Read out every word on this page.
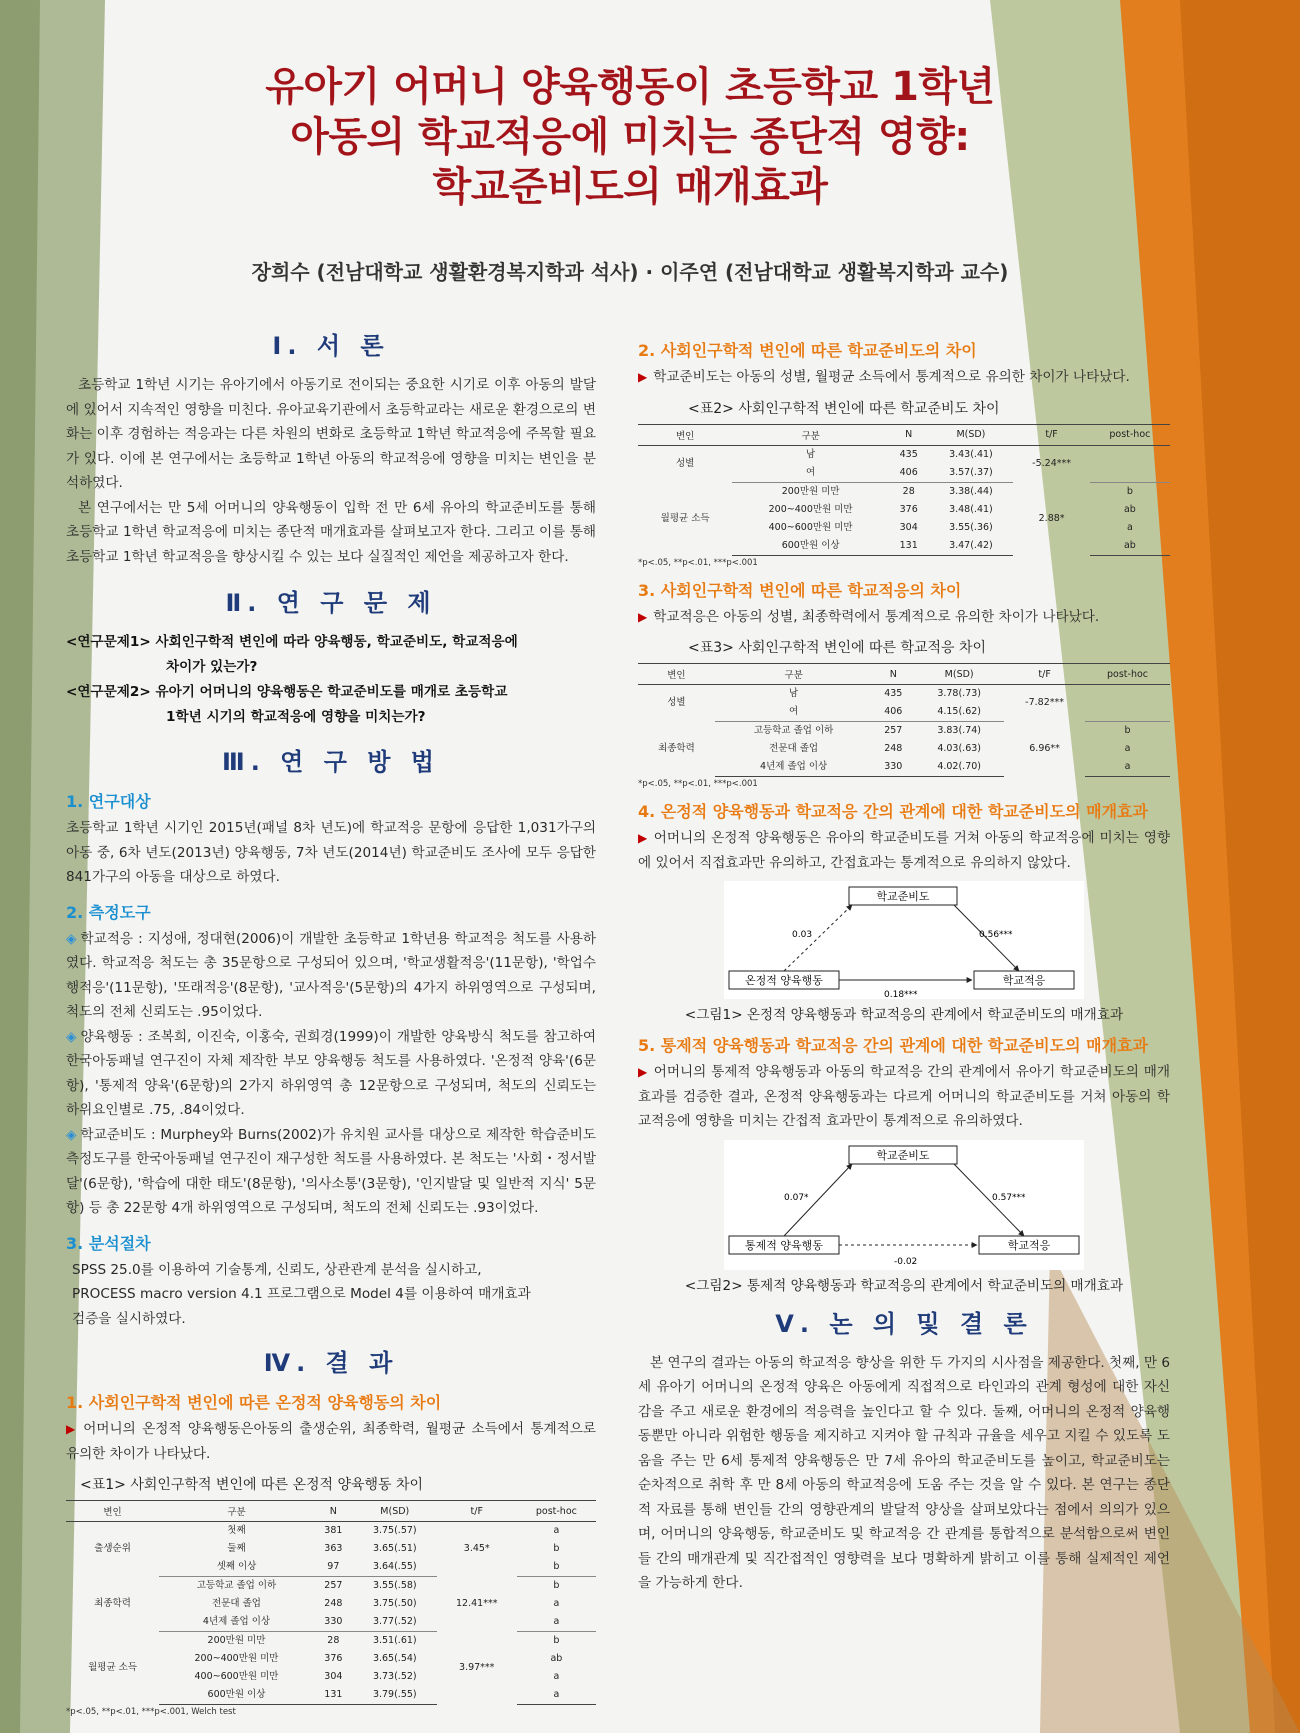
유아기 어머니 양육행동이 초등학교 1학년
아동의 학교적응에 미치는 종단적 영향:
학교준비도의 매개효과
장희수 (전남대학교 생활환경복지학과 석사) · 이주연 (전남대학교 생활복지학과 교수)
Ⅰ. 서 론

초등학교 1학년 시기는 유아기에서 아동기로 전이되는 중요한 시기로 이후 아동의 발달에 있어서 지속적인 영향을 미친다. 유아교육기관에서 초등학교라는 새로운 환경으로의 변화는 이후 경험하는 적응과는 다른 차원의 변화로 초등학교 1학년 학교적응에 주목할 필요가 있다. 이에 본 연구에서는 초등학교 1학년 아동의 학교적응에 영향을 미치는 변인을 분석하였다.

본 연구에서는 만 5세 어머니의 양육행동이 입학 전 만 6세 유아의 학교준비도를 통해 초등학교 1학년 학교적응에 미치는 종단적 매개효과를 살펴보고자 한다. 그리고 이를 통해 초등학교 1학년 학교적응을 향상시킬 수 있는 보다 실질적인 제언을 제공하고자 한다.

Ⅱ. 연 구 문 제
<연구문제1> 사회인구학적 변인에 따라 양육행동, 학교준비도, 학교적응에
차이가 있는가?
<연구문제2> 유아기 어머니의 양육행동은 학교준비도를 매개로 초등학교
1학년 시기의 학교적응에 영향을 미치는가?
Ⅲ. 연 구 방 법
1. 연구대상

초등학교 1학년 시기인 2015년(패널 8차 년도)에 학교적응 문항에 응답한 1,031가구의 아동 중, 6차 년도(2013년) 양육행동, 7차 년도(2014년) 학교준비도 조사에 모두 응답한 841가구의 아동을 대상으로 하였다.

2. 측정도구

◈ 학교적응 : 지성애, 정대현(2006)이 개발한 초등학교 1학년용 학교적응 척도를 사용하였다. 학교적응 척도는 총 35문항으로 구성되어 있으며, '학교생활적응'(11문항), '학업수행적응'(11문항), '또래적응'(8문항), '교사적응'(5문항)의 4가지 하위영역으로 구성되며, 척도의 전체 신뢰도는 .95이었다.

◈ 양육행동 : 조복희, 이진숙, 이홍숙, 권희경(1999)이 개발한 양육방식 척도를 참고하여 한국아동패널 연구진이 자체 제작한 부모 양육행동 척도를 사용하였다. '온정적 양육'(6문항), '통제적 양육'(6문항)의 2가지 하위영역 총 12문항으로 구성되며, 척도의 신뢰도는 하위요인별로 .75, .84이었다.

◈ 학교준비도 : Murphey와 Burns(2002)가 유치원 교사를 대상으로 제작한 학습준비도 측정도구를 한국아동패널 연구진이 재구성한 척도를 사용하였다. 본 척도는 '사회・정서발달'(6문항), '학습에 대한 태도'(8문항), '의사소통'(3문항), '인지발달 및 일반적 지식' 5문항) 등 총 22문항 4개 하위영역으로 구성되며, 척도의 전체 신뢰도는 .93이었다.

3. 분석절차
SPSS 25.0를 이용하여 기술통계, 신뢰도, 상관관계 분석을 실시하고,
PROCESS macro version 4.1 프로그램으로 Model 4를 이용하여 매개효과
검증을 실시하였다.
Ⅳ. 결 과
1. 사회인구학적 변인에 따른 온정적 양육행동의 차이

▶ 어머니의 온정적 양육행동은아동의 출생순위, 최종학력, 월평균 소득에서 통계적으로 유의한 차이가 나타났다.

<표1> 사회인구학적 변인에 따른 온정적 양육행동 차이
변인	구분	N	M(SD)	t/F	post-hoc
출생순위	첫째	381	3.75(.57)	3.45*	a
	둘째	363	3.65(.51)		b
	셋째 이상	97	3.64(.55)		b
최종학력	고등학교 졸업 이하	257	3.55(.58)	12.41***	b
	전문대 졸업	248	3.75(.50)		a
	4년제 졸업 이상	330	3.77(.52)		a
월평균 소득	200만원 미만	28	3.51(.61)	3.97***	b
	200~400만원 미만	376	3.65(.54)		ab
	400~600만원 미만	304	3.73(.52)		a
	600만원 이상	131	3.79(.55)		a
*p<.05, **p<.01, ***p<.001, Welch test
2. 사회인구학적 변인에 따른 학교준비도의 차이

▶ 학교준비도는 아동의 성별, 월평균 소득에서 통계적으로 유의한 차이가 나타났다.

<표2> 사회인구학적 변인에 따른 학교준비도 차이
변인	구분	N	M(SD)	t/F	post-hoc
성별	남	435	3.43(.41)	-5.24***	
	여	406	3.57(.37)		
월평균 소득	200만원 미만	28	3.38(.44)	2.88*	b
	200~400만원 미만	376	3.48(.41)		ab
	400~600만원 미만	304	3.55(.36)		a
	600만원 이상	131	3.47(.42)		ab
*p<.05, **p<.01, ***p<.001
3. 사회인구학적 변인에 따른 학교적응의 차이

▶ 학교적응은 아동의 성별, 최종학력에서 통계적으로 유의한 차이가 나타났다.

<표3> 사회인구학적 변인에 따른 학교적응 차이
변인	구분	N	M(SD)	t/F	post-hoc
성별	남	435	3.78(.73)	-7.82***	
	여	406	4.15(.62)		
최종학력	고등학교 졸업 이하	257	3.83(.74)	6.96**	b
	전문대 졸업	248	4.03(.63)		a
	4년제 졸업 이상	330	4.02(.70)		a
*p<.05, **p<.01, ***p<.001
4. 온정적 양육행동과 학교적응 간의 관계에 대한 학교준비도의 매개효과

▶ 어머니의 온정적 양육행동은 유아의 학교준비도를 거쳐 아동의 학교적응에 미치는 영향에 있어서 직접효과만 유의하고, 간접효과는 통계적으로 유의하지 않았다.

학교준비도
온정적 양육행동	학교적응
0.03	0.56***
0.18***
<그림1> 온정적 양육행동과 학교적응의 관계에서 학교준비도의 매개효과
5. 통제적 양육행동과 학교적응 간의 관계에 대한 학교준비도의 매개효과

▶ 어머니의 통제적 양육행동과 아동의 학교적응 간의 관계에서 유아기 학교준비도의 매개효과를 검증한 결과, 온정적 양육행동과는 다르게 어머니의 학교준비도를 거쳐 아동의 학교적응에 영향을 미치는 간접적 효과만이 통계적으로 유의하였다.

학교준비도
통제적 양육행동	학교적응
0.07*	0.57***
-0.02
<그림2> 통제적 양육행동과 학교적응의 관계에서 학교준비도의 매개효과
Ⅴ. 논 의 및 결 론

본 연구의 결과는 아동의 학교적응 향상을 위한 두 가지의 시사점을 제공한다. 첫째, 만 6세 유아기 어머니의 온정적 양육은 아동에게 직접적으로 타인과의 관계 형성에 대한 자신감을 주고 새로운 환경에의 적응력을 높인다고 할 수 있다. 둘째, 어머니의 온정적 양육행동뿐만 아니라 위험한 행동을 제지하고 지켜야 할 규칙과 규율을 세우고 지킬 수 있도록 도움을 주는 만 6세 통제적 양육행동은 만 7세 유아의 학교준비도를 높이고, 학교준비도는 순차적으로 취학 후 만 8세 아동의 학교적응에 도움 주는 것을 알 수 있다. 본 연구는 종단적 자료를 통해 변인들 간의 영향관계의 발달적 양상을 살펴보았다는 점에서 의의가 있으며, 어머니의 양육행동, 학교준비도 및 학교적응 간 관계를 통합적으로 분석함으로써 변인들 간의 매개관계 및 직간접적인 영향력을 보다 명확하게 밝히고 이를 통해 실제적인 제언을 가능하게 한다.
